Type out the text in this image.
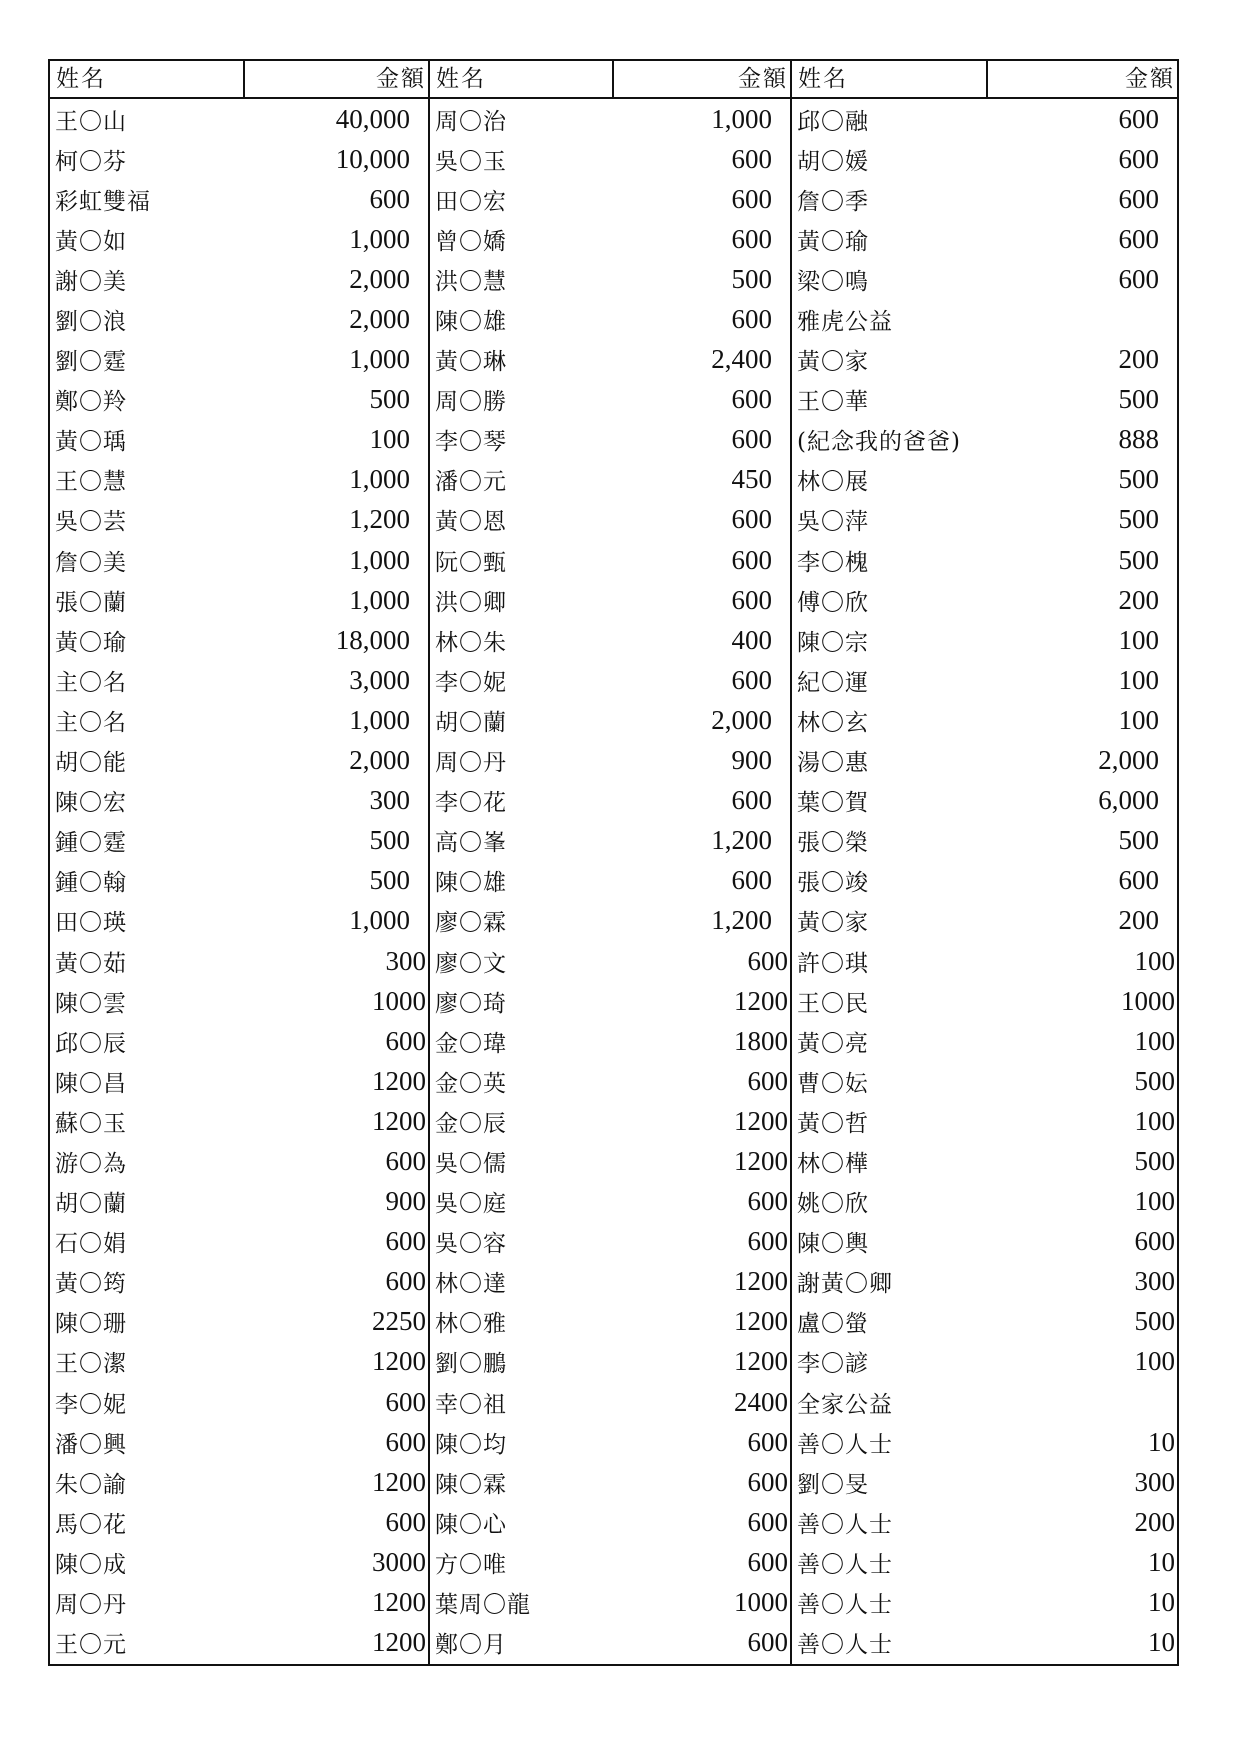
姓名	金額
王〇山	40,000
柯〇芬	10,000
彩虹雙福	600
黃〇如	1,000
謝〇美	2,000
劉〇浪	2,000
劉〇霆	1,000
鄭〇羚	500
黃〇瑀	100
王〇慧	1,000
吳〇芸	1,200
詹〇美	1,000
張〇蘭	1,000
黃〇瑜	18,000
主〇名	3,000
主〇名	1,000
胡〇能	2,000
陳〇宏	300
鍾〇霆	500
鍾〇翰	500
田〇瑛	1,000
黃〇茹	300
陳〇雲	1000
邱〇辰	600
陳〇昌	1200
蘇〇玉	1200
游〇為	600
胡〇蘭	900
石〇娟	600
黃〇筠	600
陳〇珊	2250
王〇潔	1200
李〇妮	600
潘〇興	600
朱〇諭	1200
馬〇花	600
陳〇成	3000
周〇丹	1200
王〇元	1200
姓名	金額
周〇治	1,000
吳〇玉	600
田〇宏	600
曾〇嬌	600
洪〇慧	500
陳〇雄	600
黃〇琳	2,400
周〇勝	600
李〇琴	600
潘〇元	450
黃〇恩	600
阮〇甄	600
洪〇卿	600
林〇朱	400
李〇妮	600
胡〇蘭	2,000
周〇丹	900
李〇花	600
高〇峯	1,200
陳〇雄	600
廖〇霖	1,200
廖〇文	600
廖〇琦	1200
金〇瑋	1800
金〇英	600
金〇辰	1200
吳〇儒	1200
吳〇庭	600
吳〇容	600
林〇達	1200
林〇雅	1200
劉〇鵬	1200
幸〇祖	2400
陳〇均	600
陳〇霖	600
陳〇心	600
方〇唯	600
葉周〇龍	1000
鄭〇月	600
姓名	金額
邱〇融	600
胡〇媛	600
詹〇季	600
黃〇瑜	600
梁〇鳴	600
雅虎公益
黃〇家	200
王〇華	500
(紀念我的爸爸)	888
林〇展	500
吳〇萍	500
李〇槐	500
傅〇欣	200
陳〇宗	100
紀〇運	100
林〇玄	100
湯〇惠	2,000
葉〇賀	6,000
張〇榮	500
張〇竣	600
黃〇家	200
許〇琪	100
王〇民	1000
黃〇亮	100
曹〇妘	500
黃〇哲	100
林〇樺	500
姚〇欣	100
陳〇輿	600
謝黃〇卿	300
盧〇螢	500
李〇諺	100
全家公益
善〇人士	10
劉〇旻	300
善〇人士	200
善〇人士	10
善〇人士	10
善〇人士	10
